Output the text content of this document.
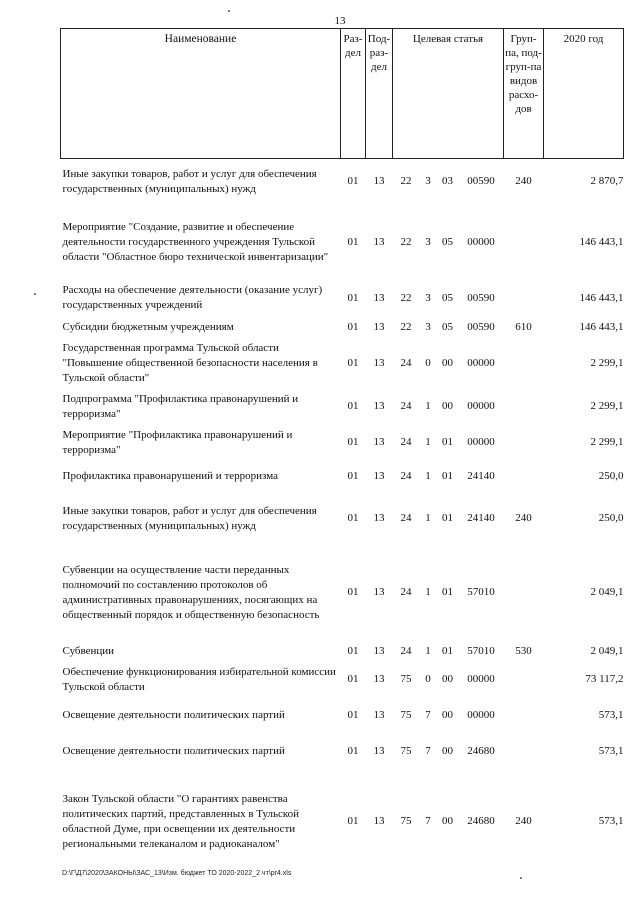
13
Наименование	Раз-дел	Под-раз-дел	Целевая статья				Груп-па, под-груп-па видов расхо-дов	2020 год
Иные закупки товаров, работ и услуг для обеспечения государственных (муниципальных) нужд	01	13	22	3	03	00590	240	2 870,7
Мероприятие "Создание, развитие и обеспечение деятельности государственного учреждения Тульской области "Областное бюро технической инвентаризации"	01	13	22	3	05	00000		146 443,1
Расходы на обеспечение деятельности (оказание услуг) государственных учреждений	01	13	22	3	05	00590		146 443,1
Субсидии бюджетным учреждениям	01	13	22	3	05	00590	610	146 443,1
Государственная программа Тульской области "Повышение общественной безопасности населения в Тульской области"	01	13	24	0	00	00000		2 299,1
Подпрограмма "Профилактика правонарушений и терроризма"	01	13	24	1	00	00000		2 299,1
Мероприятие "Профилактика правонарушений и терроризма"	01	13	24	1	01	00000		2 299,1
Профилактика правонарушений и терроризма	01	13	24	1	01	24140		250,0
Иные закупки товаров, работ и услуг для обеспечения государственных (муниципальных) нужд	01	13	24	1	01	24140	240	250,0
Субвенции на осуществление части переданных полномочий по составлению протоколов об административных правонарушениях, посягающих на общественный порядок и общественную безопасность	01	13	24	1	01	57010		2 049,1
Субвенции	01	13	24	1	01	57010	530	2 049,1
Обеспечение функционирования избирательной комиссии Тульской области	01	13	75	0	00	00000		73 117,2
Освещение деятельности политических партий	01	13	75	7	00	00000		573,1
Освещение деятельности политических партий	01	13	75	7	00	24680		573,1
Закон Тульской области "О гарантиях равенства политических партий, представленных в Тульской областной Думе, при освещении их деятельности региональными телеканалом и радиоканалом"	01	13	75	7	00	24680	240	573,1
D:\Г\Д7\2020\ЗАКОНЫ\ЗАС_13\Изм. бюджет ТО 2020-2022_2 чт\pr4.xls
